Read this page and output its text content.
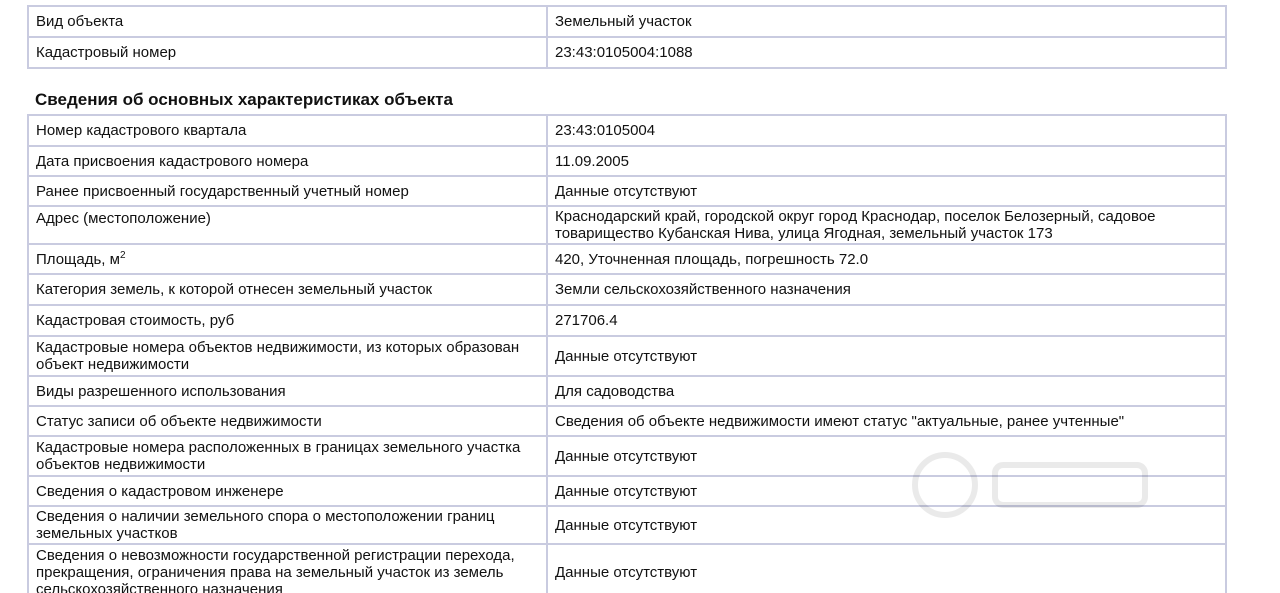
Вид объекта	Земельный участок
Кадастровый номер	23:43:0105004:1088
Сведения об основных характеристиках объекта
Номер кадастрового квартала	23:43:0105004
Дата присвоения кадастрового номера	11.09.2005
Ранее присвоенный государственный учетный номер	Данные отсутствуют
Адрес (местоположение)	Краснодарский край, городской округ город Краснодар, поселок Белозерный, садовое
товарищество Кубанская Нива, улица Ягодная, земельный участок 173

Площадь, $м^2$	420, Уточненная площадь, погрешность 72.0
Категория земель, к которой отнесен земельный участок	Земли сельскохозяйственного назначения
Кадастровая стоимость, руб	271706.4

Кадастровые номера объектов недвижимости, из которых образован
объект недвижимости	Данные отсутствуют
Виды разрешенного использования	Для садоводства
Статус записи об объекте недвижимости	Сведения об объекте недвижимости имеют статус "актуальные, ранее учтенные"

Кадастровые номера расположенных в границах земельного участка
объектов недвижимости	Данные отсутствуют
Сведения о кадастровом инженере	Данные отсутствуют

Сведения о наличии земельного спора о местоположении границ
земельных участков	Данные отсутствуют

Сведения о невозможности государственной регистрации перехода,
прекращения, ограничения права на земельный участок из земель
сельскохозяйственного назначения	Данные отсутствуют
